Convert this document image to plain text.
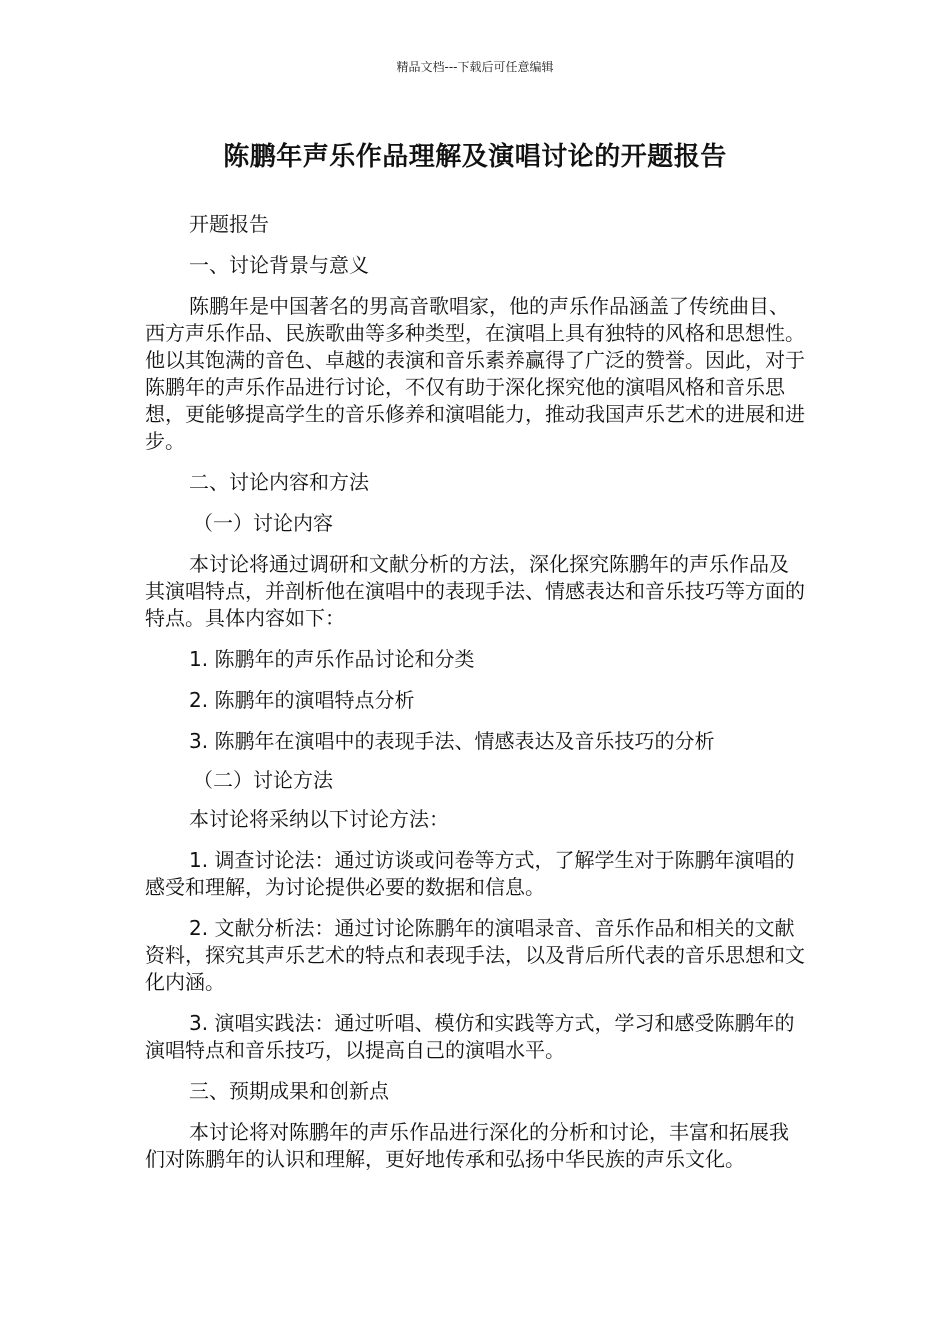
精品文档---下载后可任意编辑
陈鹏年声乐作品理解及演唱讨论的开题报告

开题报告

一、讨论背景与意义

陈鹏年是中国著名的男高音歌唱家，他的声乐作品涵盖了传统曲目、西方声乐作品、民族歌曲等多种类型，在演唱上具有独特的风格和思想性。他以其饱满的音色、卓越的表演和音乐素养赢得了广泛的赞誉。因此，对于陈鹏年的声乐作品进行讨论，不仅有助于深化探究他的演唱风格和音乐思想，更能够提高学生的音乐修养和演唱能力，推动我国声乐艺术的进展和进步。

二、讨论内容和方法

（一）讨论内容

本讨论将通过调研和文献分析的方法，深化探究陈鹏年的声乐作品及其演唱特点，并剖析他在演唱中的表现手法、情感表达和音乐技巧等方面的特点。具体内容如下：

1. 陈鹏年的声乐作品讨论和分类

2. 陈鹏年的演唱特点分析

3. 陈鹏年在演唱中的表现手法、情感表达及音乐技巧的分析

（二）讨论方法

本讨论将采纳以下讨论方法：

1. 调查讨论法：通过访谈或问卷等方式，了解学生对于陈鹏年演唱的感受和理解，为讨论提供必要的数据和信息。

2. 文献分析法：通过讨论陈鹏年的演唱录音、音乐作品和相关的文献资料，探究其声乐艺术的特点和表现手法，以及背后所代表的音乐思想和文化内涵。

3. 演唱实践法：通过听唱、模仿和实践等方式，学习和感受陈鹏年的演唱特点和音乐技巧，以提高自己的演唱水平。

三、预期成果和创新点

本讨论将对陈鹏年的声乐作品进行深化的分析和讨论，丰富和拓展我们对陈鹏年的认识和理解，更好地传承和弘扬中华民族的声乐文化。
